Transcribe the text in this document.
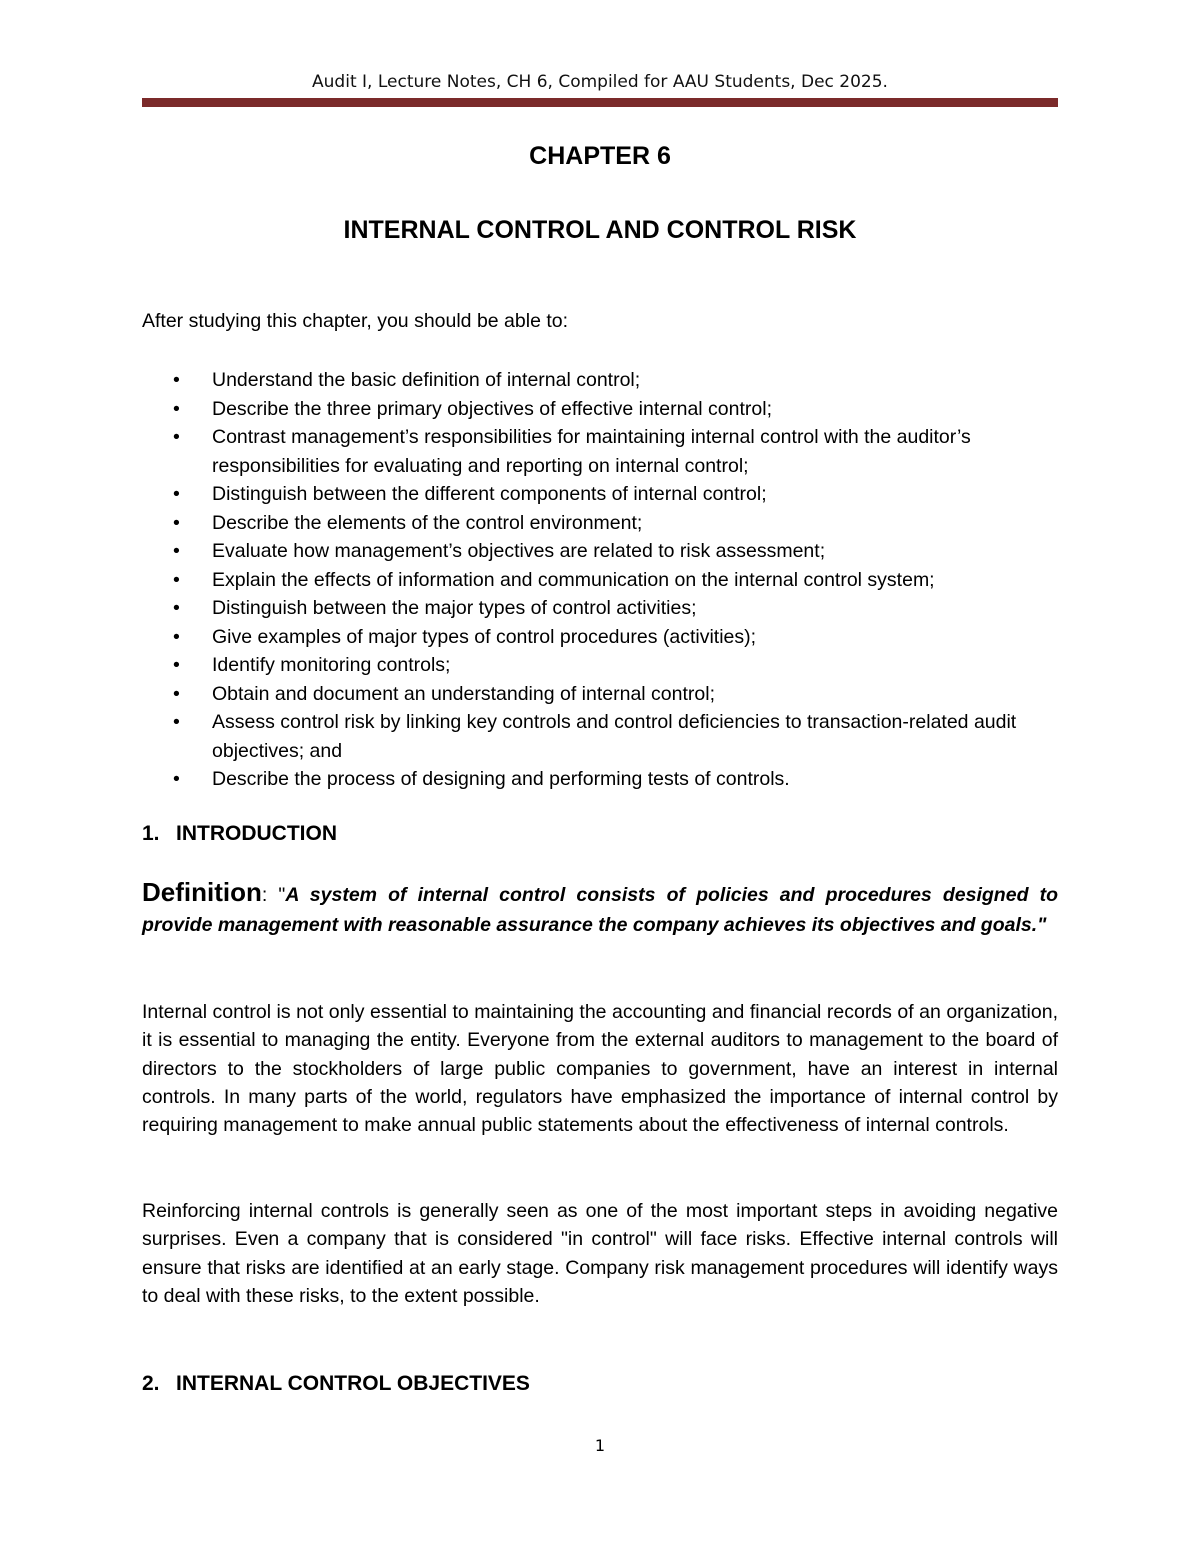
Audit I, Lecture Notes, CH 6, Compiled for AAU Students, Dec 2025.
CHAPTER 6
INTERNAL CONTROL AND CONTROL RISK
After studying this chapter, you should be able to:
• Understand the basic definition of internal control;
• Describe the three primary objectives of effective internal control;
• Contrast management’s responsibilities for maintaining internal control with the auditor’s responsibilities for evaluating and reporting on internal control;
• Distinguish between the different components of internal control;
• Describe the elements of the control environment;
• Evaluate how management’s objectives are related to risk assessment;
• Explain the effects of information and communication on the internal control system;
• Distinguish between the major types of control activities;
• Give examples of major types of control procedures (activities);
• Identify monitoring controls;
• Obtain and document an understanding of internal control;
• Assess control risk by linking key controls and control deficiencies to transaction-related audit objectives; and
• Describe the process of designing and performing tests of controls.
1. INTRODUCTION
Definition: "A system of internal control consists of policies and procedures designed to provide management with reasonable assurance the company achieves its objectives and goals."

Internal control is not only essential to maintaining the accounting and financial records of an organization, it is essential to managing the entity. Everyone from the external auditors to management to the board of directors to the stockholders of large public companies to government, have an interest in internal controls. In many parts of the world, regulators have emphasized the importance of internal control by requiring management to make annual public statements about the effectiveness of internal controls.

Reinforcing internal controls is generally seen as one of the most important steps in avoiding negative surprises. Even a company that is considered "in control" will face risks. Effective internal controls will ensure that risks are identified at an early stage. Company risk management procedures will identify ways to deal with these risks, to the extent possible.

2. INTERNAL CONTROL OBJECTIVES
1
